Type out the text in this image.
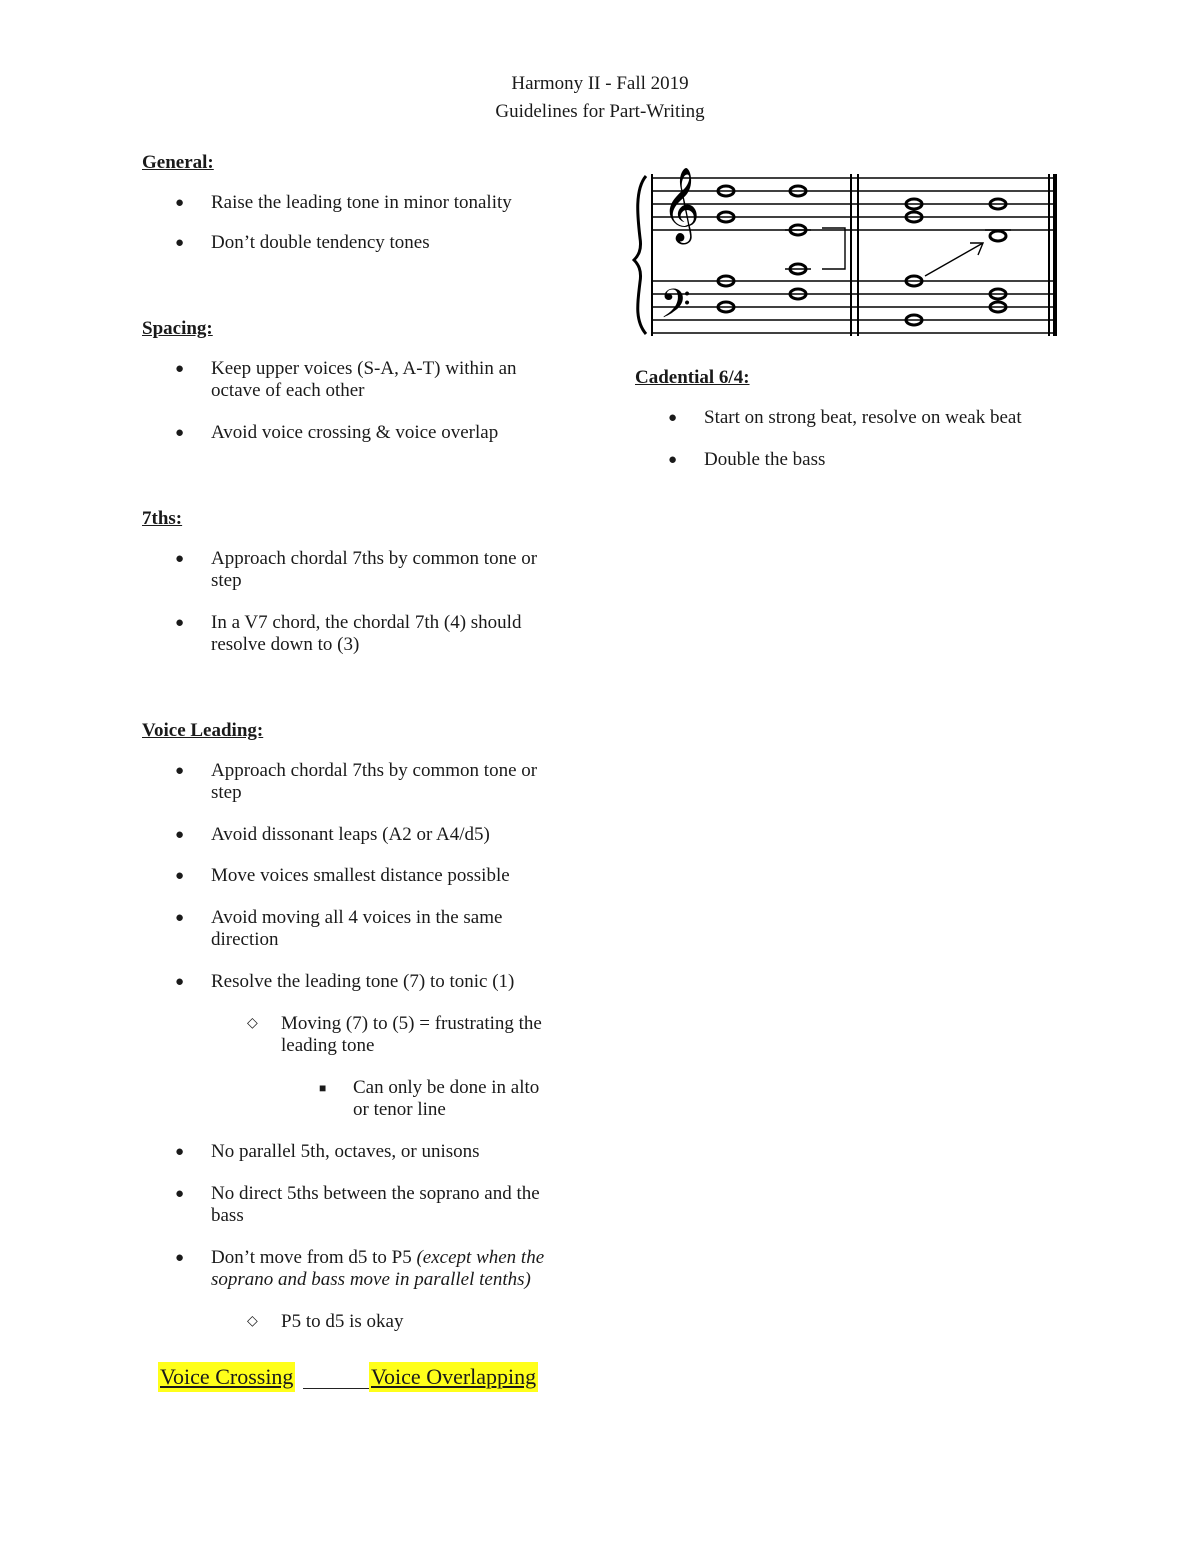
Harmony II - Fall 2019
Guidelines for Part-Writing
General:
● Raise the leading tone in minor tonality
● Don’t double tendency tones
Spacing:
● Keep upper voices (S-A, A-T) within an octave of each other
● Avoid voice crossing & voice overlap
7ths:
● Approach chordal 7ths by common tone or step
● In a V7 chord, the chordal 7th (4) should resolve down to (3)
Voice Leading:
● Approach chordal 7ths by common tone or step
● Avoid dissonant leaps (A2 or A4/d5)
● Move voices smallest distance possible
● Avoid moving all 4 voices in the same direction
● Resolve the leading tone (7) to tonic (1)
◇ Moving (7) to (5) = frustrating the leading tone
■ Can only be done in alto or tenor line
● No parallel 5th, octaves, or unisons
● No direct 5ths between the soprano and the bass
● Don’t move from d5 to P5 (except when the soprano and bass move in parallel tenths)
◇ P5 to d5 is okay
Voice Crossing	Voice Overlapping
𝄞
𝄢
Cadential 6/4:
● Start on strong beat, resolve on weak beat
● Double the bass
